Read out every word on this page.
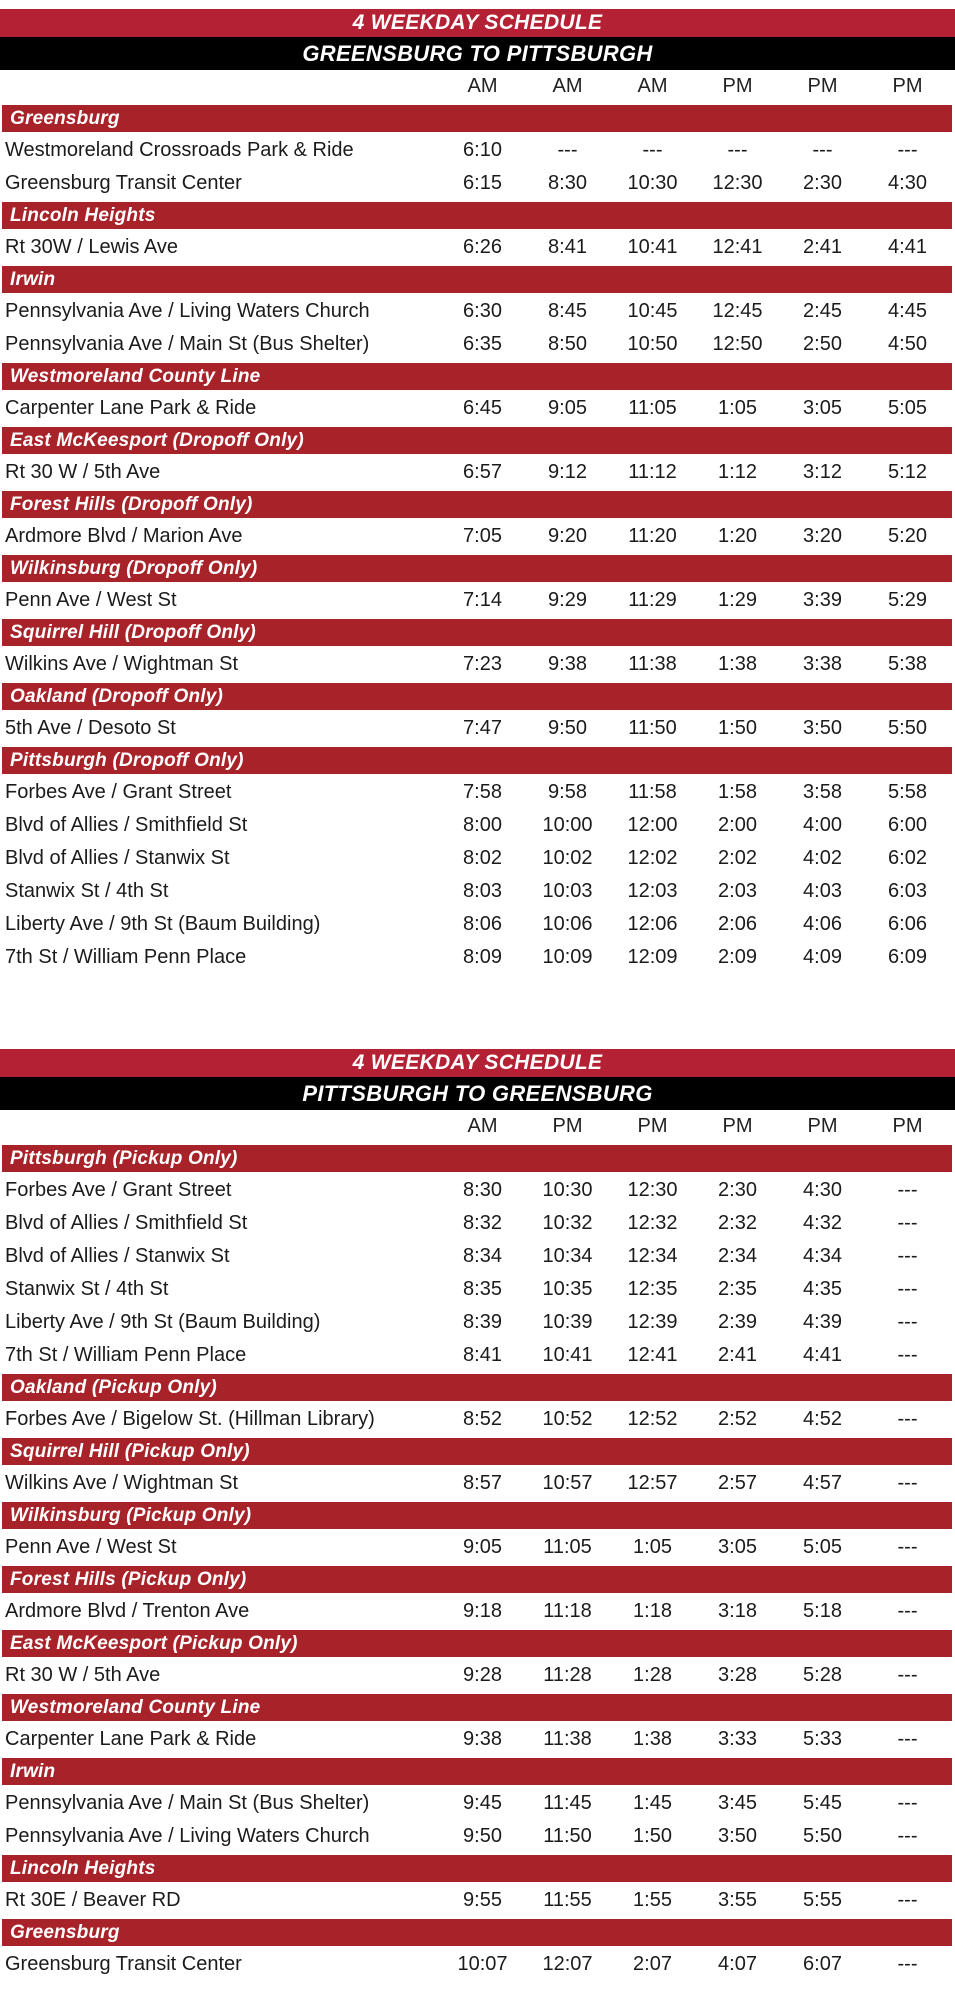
4 WEEKDAY SCHEDULE
GREENSBURG TO PITTSBURGH
AM	AM	AM	PM	PM	PM
Greensburg
Westmoreland Crossroads Park & Ride	6:10	---	---	---	---	---
Greensburg Transit Center	6:15	8:30	10:30	12:30	2:30	4:30
Lincoln Heights
Rt 30W / Lewis Ave	6:26	8:41	10:41	12:41	2:41	4:41
Irwin
Pennsylvania Ave / Living Waters Church	6:30	8:45	10:45	12:45	2:45	4:45
Pennsylvania Ave / Main St (Bus Shelter)	6:35	8:50	10:50	12:50	2:50	4:50
Westmoreland County Line
Carpenter Lane Park & Ride	6:45	9:05	11:05	1:05	3:05	5:05
East McKeesport (Dropoff Only)
Rt 30 W / 5th Ave	6:57	9:12	11:12	1:12	3:12	5:12
Forest Hills (Dropoff Only)
Ardmore Blvd / Marion Ave	7:05	9:20	11:20	1:20	3:20	5:20
Wilkinsburg (Dropoff Only)
Penn Ave / West St	7:14	9:29	11:29	1:29	3:39	5:29
Squirrel Hill (Dropoff Only)
Wilkins Ave / Wightman St	7:23	9:38	11:38	1:38	3:38	5:38
Oakland (Dropoff Only)
5th Ave / Desoto St	7:47	9:50	11:50	1:50	3:50	5:50
Pittsburgh (Dropoff Only)
Forbes Ave / Grant Street	7:58	9:58	11:58	1:58	3:58	5:58
Blvd of Allies / Smithfield St	8:00	10:00	12:00	2:00	4:00	6:00
Blvd of Allies / Stanwix St	8:02	10:02	12:02	2:02	4:02	6:02
Stanwix St / 4th St	8:03	10:03	12:03	2:03	4:03	6:03
Liberty Ave / 9th St (Baum Building)	8:06	10:06	12:06	2:06	4:06	6:06
7th St / William Penn Place	8:09	10:09	12:09	2:09	4:09	6:09
4 WEEKDAY SCHEDULE
PITTSBURGH TO GREENSBURG
AM	PM	PM	PM	PM	PM
Pittsburgh (Pickup Only)
Forbes Ave / Grant Street	8:30	10:30	12:30	2:30	4:30	---
Blvd of Allies / Smithfield St	8:32	10:32	12:32	2:32	4:32	---
Blvd of Allies / Stanwix St	8:34	10:34	12:34	2:34	4:34	---
Stanwix St / 4th St	8:35	10:35	12:35	2:35	4:35	---
Liberty Ave / 9th St (Baum Building)	8:39	10:39	12:39	2:39	4:39	---
7th St / William Penn Place	8:41	10:41	12:41	2:41	4:41	---
Oakland (Pickup Only)
Forbes Ave / Bigelow St. (Hillman Library)	8:52	10:52	12:52	2:52	4:52	---
Squirrel Hill (Pickup Only)
Wilkins Ave / Wightman St	8:57	10:57	12:57	2:57	4:57	---
Wilkinsburg (Pickup Only)
Penn Ave / West St	9:05	11:05	1:05	3:05	5:05	---
Forest Hills (Pickup Only)
Ardmore Blvd / Trenton Ave	9:18	11:18	1:18	3:18	5:18	---
East McKeesport (Pickup Only)
Rt 30 W / 5th Ave	9:28	11:28	1:28	3:28	5:28	---
Westmoreland County Line
Carpenter Lane Park & Ride	9:38	11:38	1:38	3:33	5:33	---
Irwin
Pennsylvania Ave / Main St (Bus Shelter)	9:45	11:45	1:45	3:45	5:45	---
Pennsylvania Ave / Living Waters Church	9:50	11:50	1:50	3:50	5:50	---
Lincoln Heights
Rt 30E / Beaver RD	9:55	11:55	1:55	3:55	5:55	---
Greensburg
Greensburg Transit Center	10:07	12:07	2:07	4:07	6:07	---
